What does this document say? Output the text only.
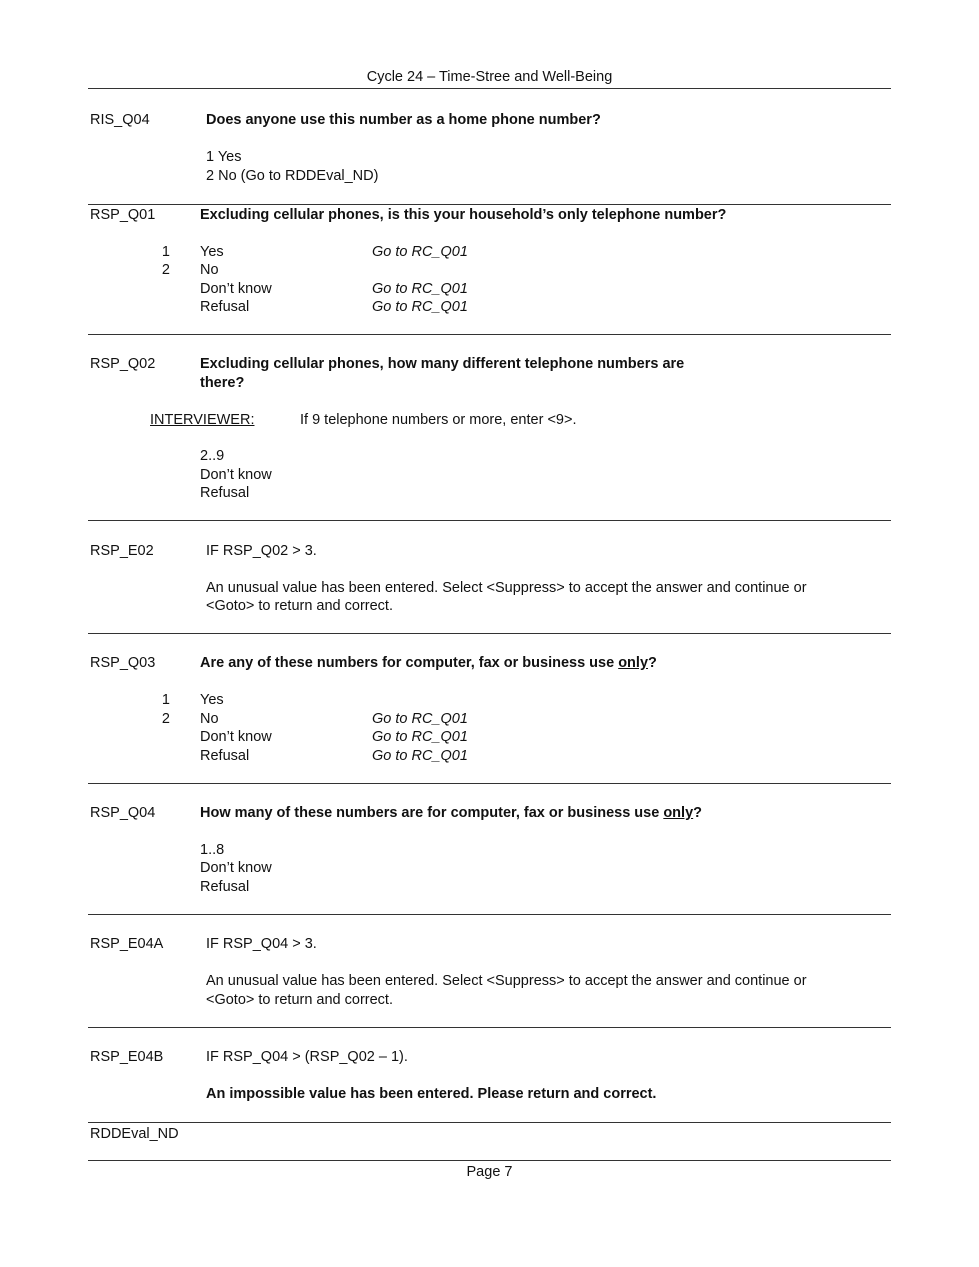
Cycle 24 – Time-Stree and Well-Being
RIS_Q04	Does anyone use this number as a home phone number?
1 Yes
2 No (Go to RDDEval_ND)
RSP_Q01	Excluding cellular phones, is this your household’s only telephone number?
1 Yes	Go to RC_Q01
2 No
Don’t know	Go to RC_Q01
Refusal	Go to RC_Q01
RSP_Q02	Excluding cellular phones, how many different telephone numbers are
there?
INTERVIEWER:	If 9 telephone numbers or more, enter <9>.
2..9
Don’t know
Refusal
RSP_E02	IF RSP_Q02 > 3.
An unusual value has been entered. Select <Suppress> to accept the answer and continue or
<Goto> to return and correct.
RSP_Q03	Are any of these numbers for computer, fax or business use only?
1 Yes
2 No	Go to RC_Q01
Don’t know	Go to RC_Q01
Refusal	Go to RC_Q01
RSP_Q04	How many of these numbers are for computer, fax or business use only?
1..8
Don’t know
Refusal
RSP_E04A	IF RSP_Q04 > 3.
An unusual value has been entered. Select <Suppress> to accept the answer and continue or
<Goto> to return and correct.
RSP_E04B	IF RSP_Q04 > (RSP_Q02 – 1).
An impossible value has been entered. Please return and correct.
RDDEval_ND
Page 7
